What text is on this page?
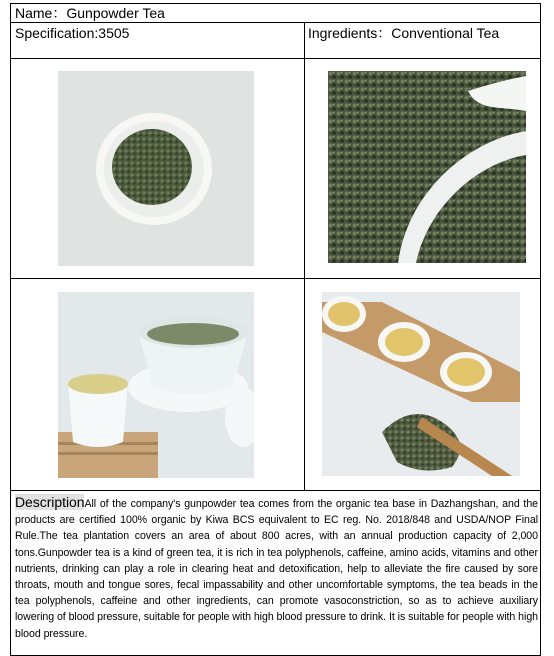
Name：Gunpowder Tea
Specification:3505	Ingredients：Conventional Tea
DescriptionAll of the company's gunpowder tea comes from the organic tea base in Dazhangshan, and the products are certified 100% organic by Kiwa BCS equivalent to EC reg. No. 2018/848 and USDA/NOP Final Rule.The tea plantation covers an area of about 800 acres, with an annual production capacity of 2,000 tons.Gunpowder tea is a kind of green tea, it is rich in tea polyphenols, caffeine, amino acids, vitamins and other nutrients, drinking can play a role in clearing heat and detoxification, help to alleviate the fire caused by sore throats, mouth and tongue sores, fecal impassability and other uncomfortable symptoms, the tea beads in the tea polyphenols, caffeine and other ingredients, can promote vasoconstriction, so as to achieve auxiliary lowering of blood pressure, suitable for people with high blood pressure to drink. It is suitable for people with high blood pressure.
